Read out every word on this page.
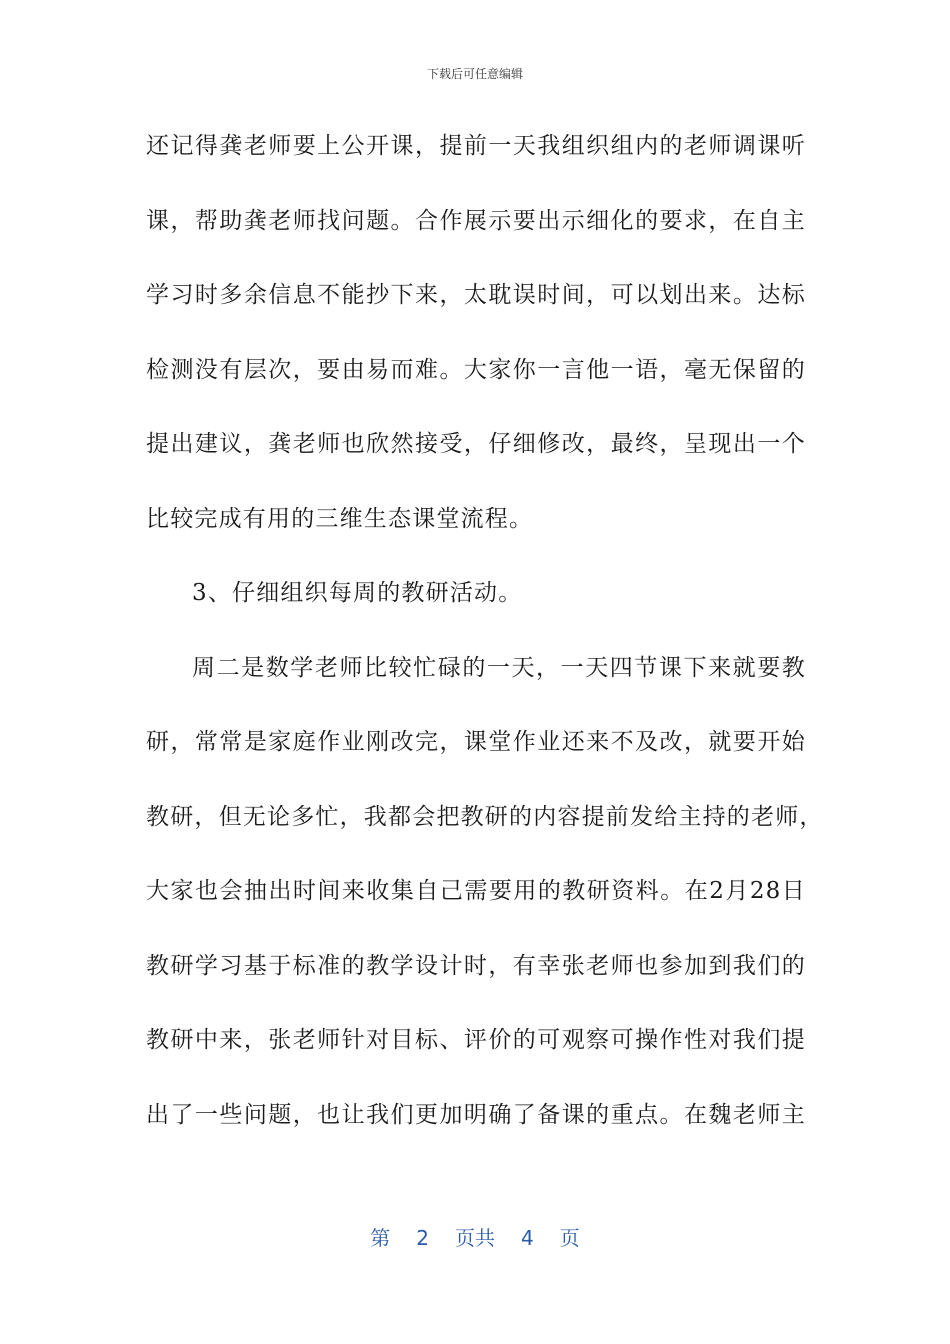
下载后可任意编辑
还记得龚老师要上公开课，提前一天我组织组内的老师调课听
课，帮助龚老师找问题。合作展示要出示细化的要求，在自主
学习时多余信息不能抄下来，太耽误时间，可以划出来。达标
检测没有层次，要由易而难。大家你一言他一语，毫无保留的
提出建议，龚老师也欣然接受，仔细修改，最终，呈现出一个
比较完成有用的三维生态课堂流程。
3、仔细组织每周的教研活动。
周二是数学老师比较忙碌的一天，一天四节课下来就要教
研，常常是家庭作业刚改完，课堂作业还来不及改，就要开始
教研，但无论多忙，我都会把教研的内容提前发给主持的老师，
大家也会抽出时间来收集自己需要用的教研资料。在2月28日
教研学习基于标准的教学设计时，有幸张老师也参加到我们的
教研中来，张老师针对目标、评价的可观察可操作性对我们提
出了一些问题，也让我们更加明确了备课的重点。在魏老师主
第 2 页共 4 页
